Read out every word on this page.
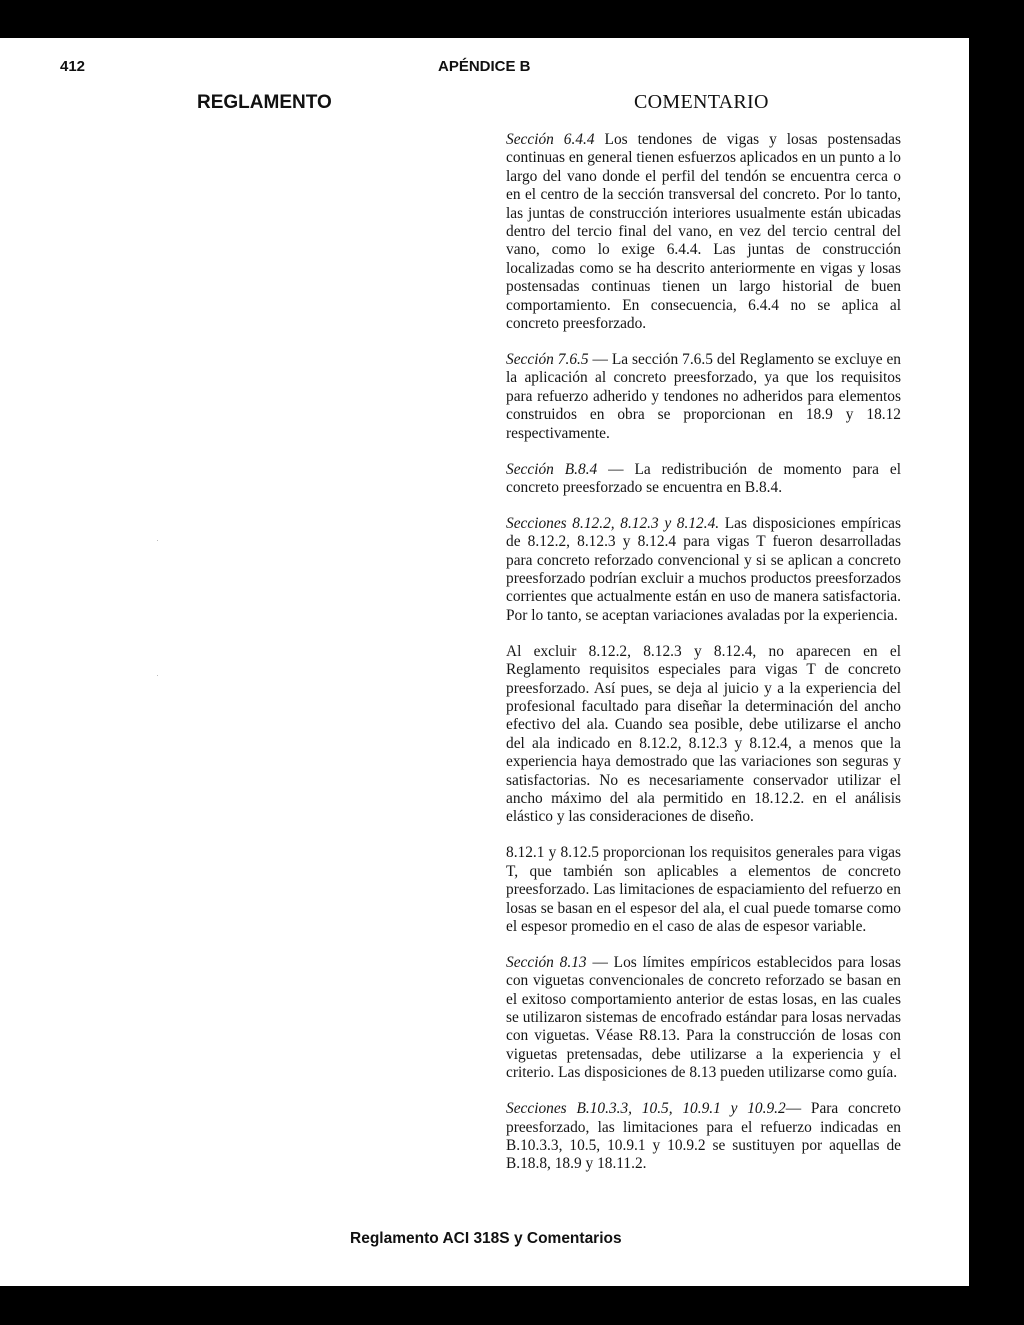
412	APÉNDICE B
REGLAMENTO	COMENTARIO

Sección 6.4.4 Los tendones de vigas y losas postensadas continuas en general tienen esfuerzos aplicados en un punto a lo largo del vano donde el perfil del tendón se encuentra cerca o en el centro de la sección transversal del concreto. Por lo tanto, las juntas de construcción interiores usualmente están ubicadas dentro del tercio final del vano, en vez del tercio central del vano, como lo exige 6.4.4. Las juntas de construcción localizadas como se ha descrito anteriormente en vigas y losas postensadas continuas tienen un largo historial de buen comportamiento. En consecuencia, 6.4.4 no se aplica al concreto preesforzado.

Sección 7.6.5 — La sección 7.6.5 del Reglamento se excluye en la aplicación al concreto preesforzado, ya que los requisitos para refuerzo adherido y tendones no adheridos para elementos construidos en obra se proporcionan en 18.9 y 18.12 respectivamente.

Sección B.8.4 — La redistribución de momento para el concreto preesforzado se encuentra en B.8.4.

Secciones 8.12.2, 8.12.3 y 8.12.4. Las disposiciones empíricas de 8.12.2, 8.12.3 y 8.12.4 para vigas T fueron desarrolladas para concreto reforzado convencional y si se aplican a concreto preesforzado podrían excluir a muchos productos preesforzados corrientes que actualmente están en uso de manera satisfactoria. Por lo tanto, se aceptan variaciones avaladas por la experiencia.

Al excluir 8.12.2, 8.12.3 y 8.12.4, no aparecen en el Reglamento requisitos especiales para vigas T de concreto preesforzado. Así pues, se deja al juicio y a la experiencia del profesional facultado para diseñar la determinación del ancho efectivo del ala. Cuando sea posible, debe utilizarse el ancho del ala indicado en 8.12.2, 8.12.3 y 8.12.4, a menos que la experiencia haya demostrado que las variaciones son seguras y satisfactorias. No es necesariamente conservador utilizar el ancho máximo del ala permitido en 18.12.2. en el análisis elástico y las consideraciones de diseño.

8.12.1 y 8.12.5 proporcionan los requisitos generales para vigas T, que también son aplicables a elementos de concreto preesforzado. Las limitaciones de espaciamiento del refuerzo en losas se basan en el espesor del ala, el cual puede tomarse como el espesor promedio en el caso de alas de espesor variable.

Sección 8.13 — Los límites empíricos establecidos para losas con viguetas convencionales de concreto reforzado se basan en el exitoso comportamiento anterior de estas losas, en las cuales se utilizaron sistemas de encofrado estándar para losas nervadas con viguetas. Véase R8.13. Para la construcción de losas con viguetas pretensadas, debe utilizarse a la experiencia y el criterio. Las disposiciones de 8.13 pueden utilizarse como guía.

Secciones B.10.3.3, 10.5, 10.9.1 y 10.9.2— Para concreto preesforzado, las limitaciones para el refuerzo indicadas en B.10.3.3, 10.5, 10.9.1 y 10.9.2 se sustituyen por aquellas de B.18.8, 18.9 y 18.11.2.

Reglamento ACI 318S y Comentarios
